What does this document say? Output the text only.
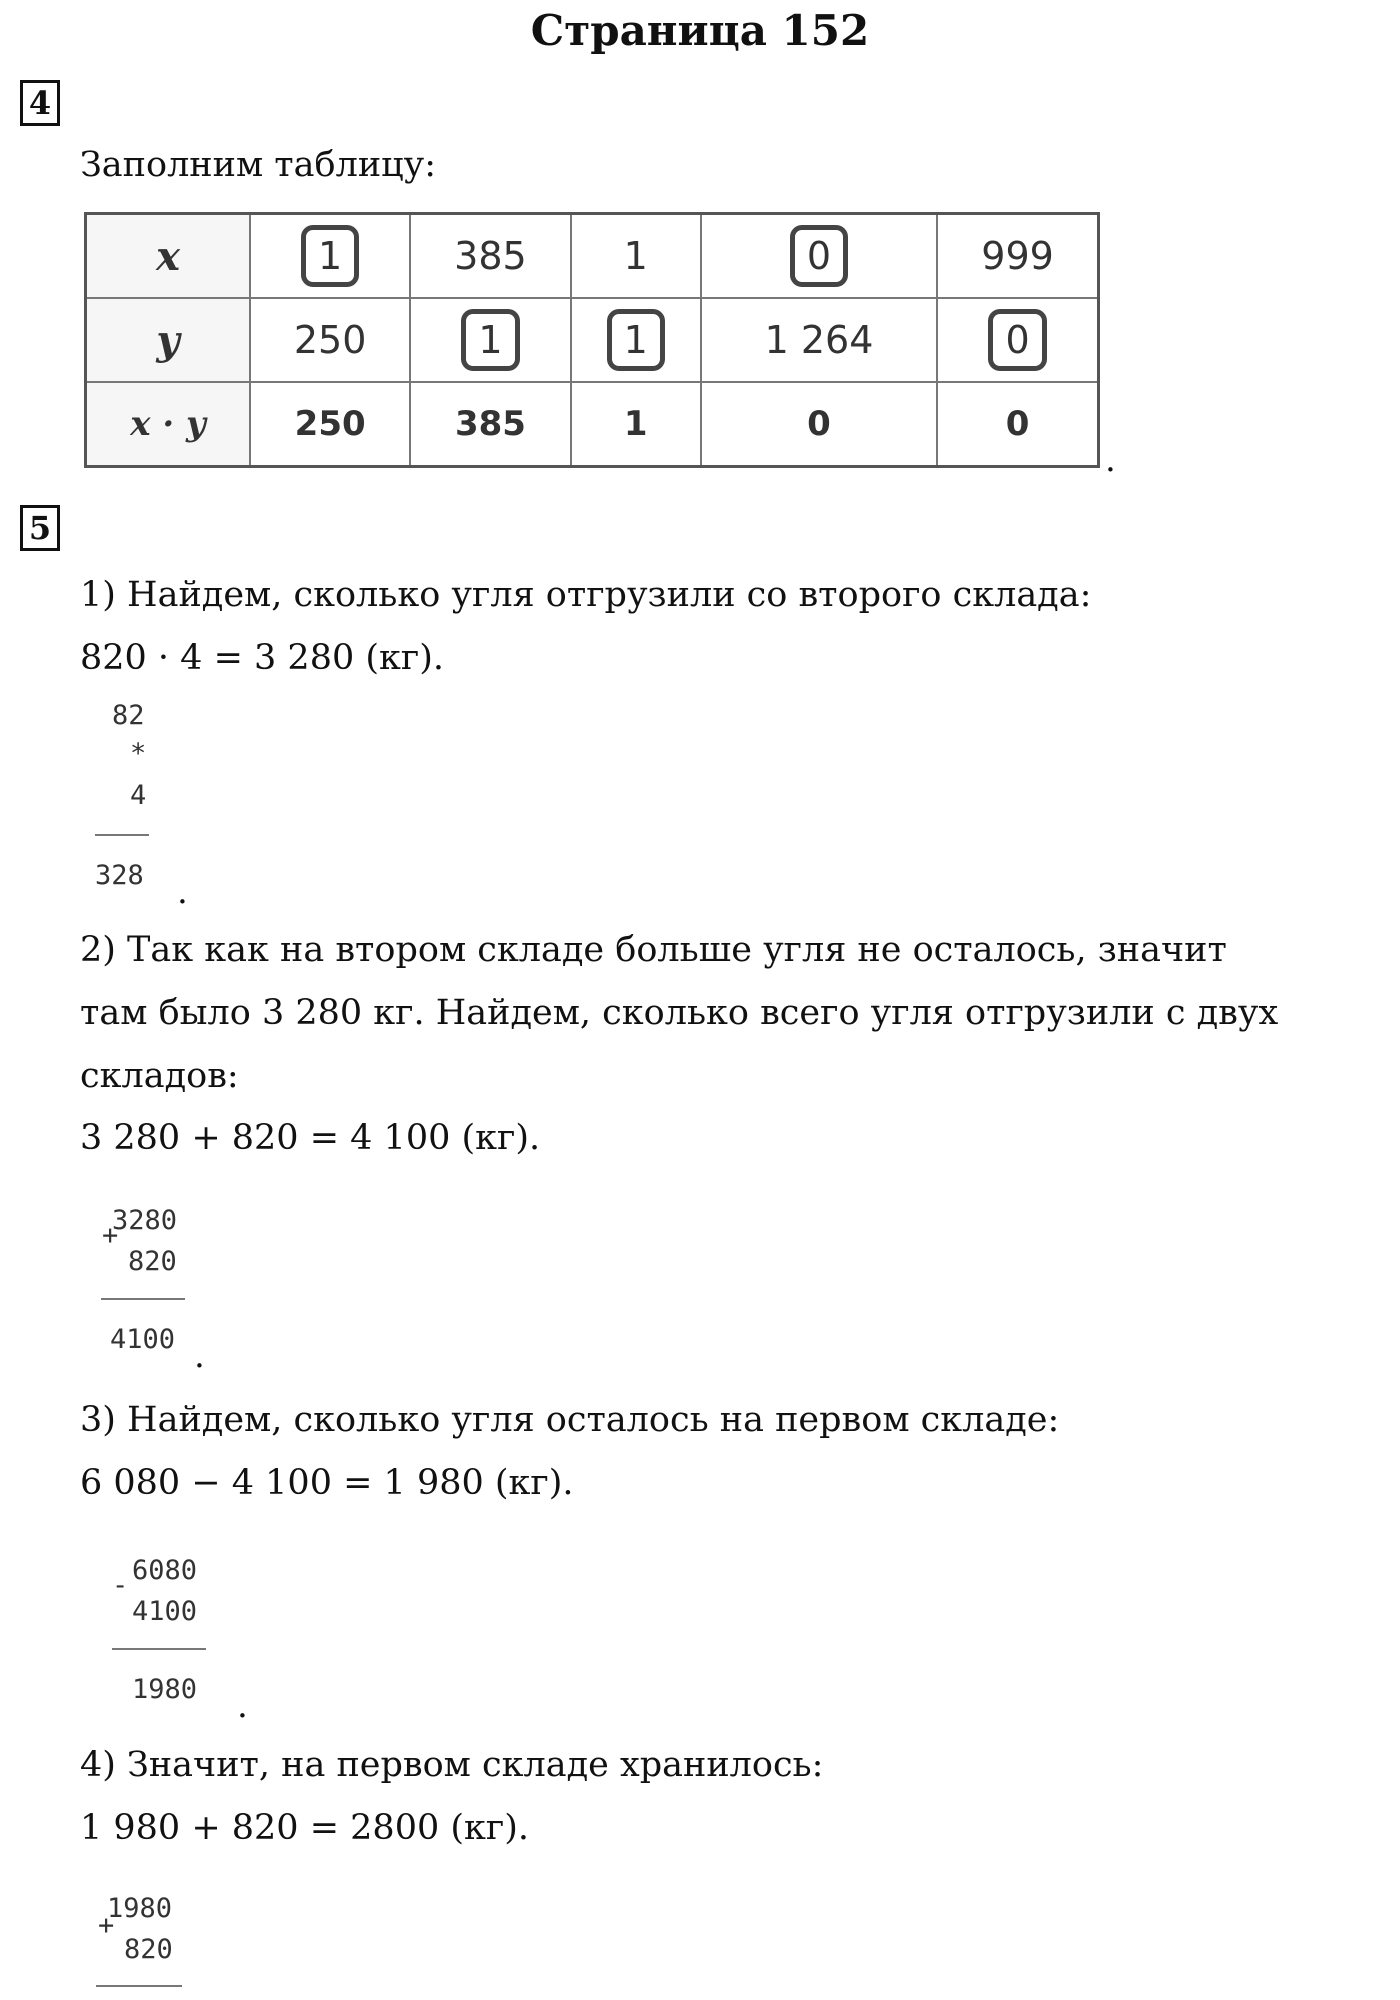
Страница 152
4
Заполним таблицу:
x	1	385	1	0	999
y	250	1	1	1 264	0
x · y	250	385	1	0	0
.
5
1) Найдем, сколько угля отгрузили со второго склада:
820 · 4 = 3 280 (кг).
82
*
4
328 .
2) Так как на втором складе больше угля не осталось, значит
там было 3 280 кг. Найдем, сколько всего угля отгрузили с двух
складов:
3 280 + 820 = 4 100 (кг).
+
3280
820
4100 .
3) Найдем, сколько угля осталось на первом складе:
6 080 − 4 100 = 1 980 (кг).
- 6080
4100
1980 .
4) Значит, на первом складе хранилось:
1 980 + 820 = 2800 (кг).
+
1980
820
